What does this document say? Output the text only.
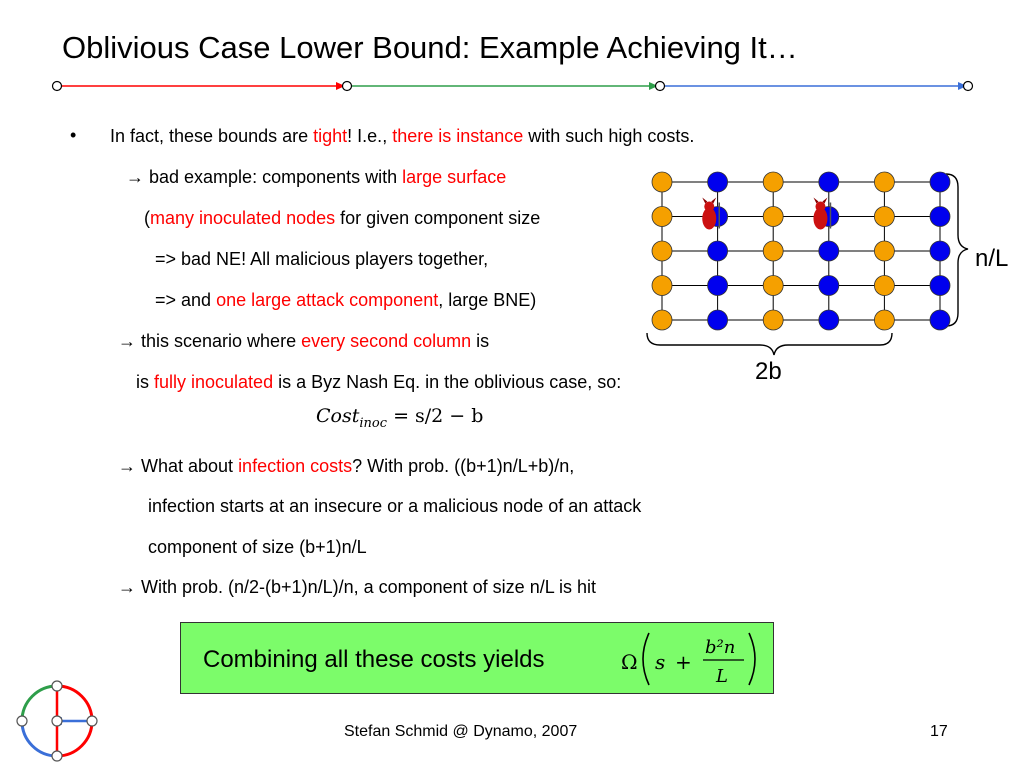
Oblivious Case Lower Bound: Example Achieving It…
• In fact, these bounds are tight! I.e., there is instance with such high costs.
→ bad example: components with large surface
(many inoculated nodes for given component size
=> bad NE! All malicious players together,
=> and one large attack component, large BNE)
→ this scenario where every second column is
is fully inoculated is a Byz Nash Eq. in the oblivious case, so:
Cost$_{inoc}$ = s/2 − b
→ What about infection costs? With prob. ((b+1)n/L+b)/n,
infection starts at an insecure or a malicious node of an attack
component of size (b+1)n/L
→ With prob. (n/2-(b+1)n/L)/n, a component of size n/L is hit
n/L
2b
Combining all these costs yields	Ω s +
b²n
L
Stefan Schmid @ Dynamo, 2007	17
